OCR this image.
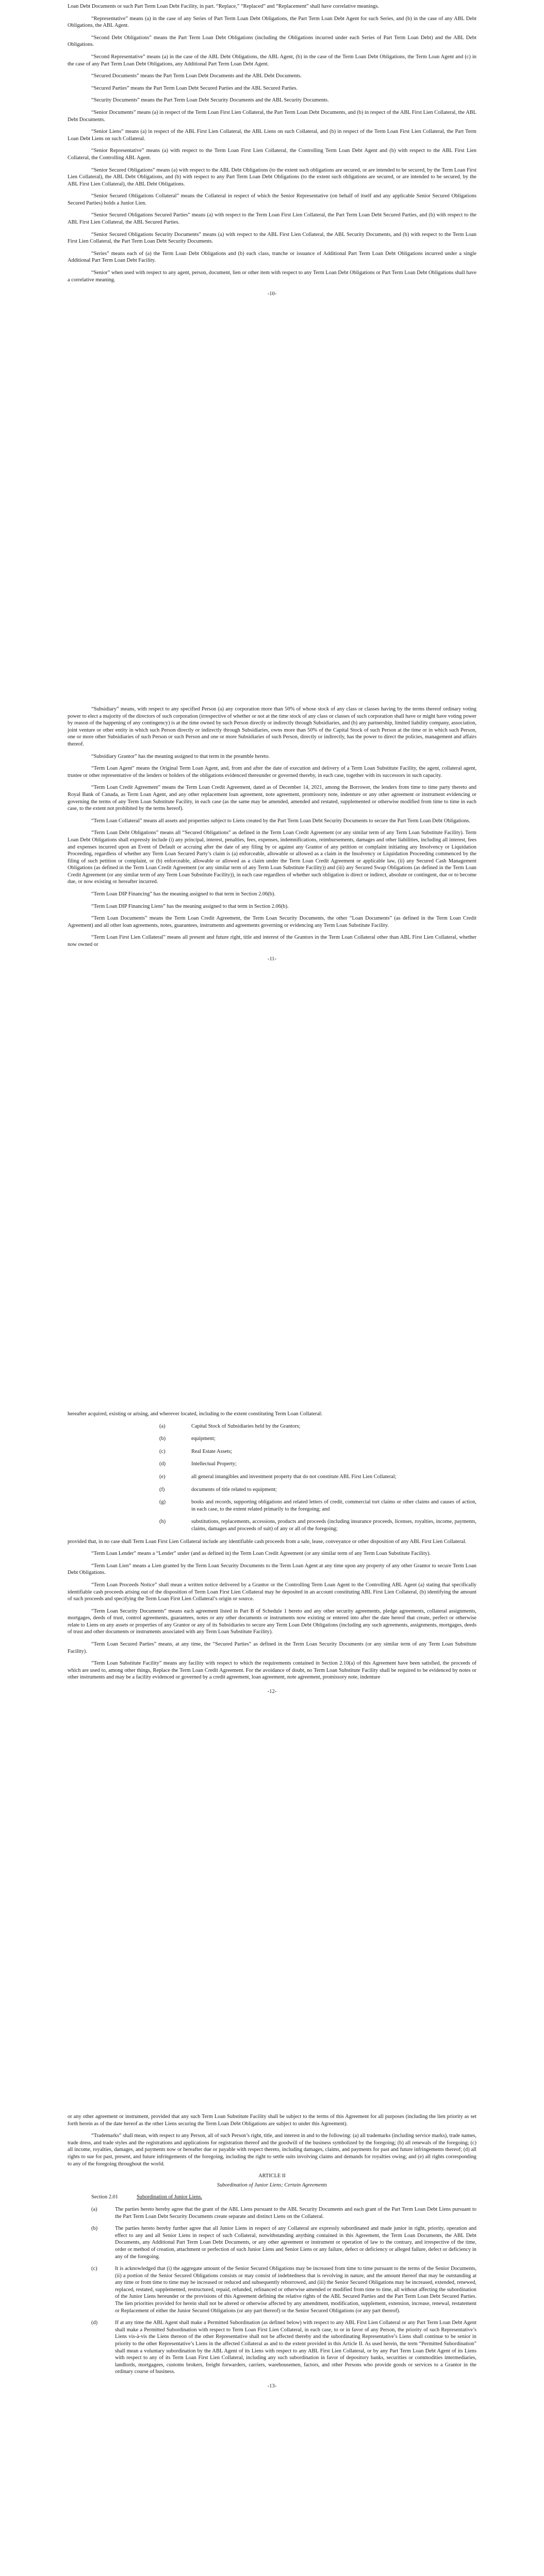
Loan Debt Documents or such Part Term Loan Debt Facility, in part. “Replace,” “Replaced” and “Replacement” shall have correlative meanings.

“Representative” means (a) in the case of any Series of Part Term Loan Debt Obligations, the Part Term Loan Debt Agent for such Series, and (b) in the case of any ABL Debt Obligations, the ABL Agent.

“Second Debt Obligations” means the Part Term Loan Debt Obligations (including the Obligations incurred under each Series of Part Term Loan Debt) and the ABL Debt Obligations.

“Second Representative” means (a) in the case of the ABL Debt Obligations, the ABL Agent, (b) in the case of the Term Loan Debt Obligations, the Term Loan Agent and (c) in the case of any Part Term Loan Debt Obligations, any Additional Part Term Loan Debt Agent.

“Secured Documents” means the Part Term Loan Debt Documents and the ABL Debt Documents.

“Secured Parties” means the Part Term Loan Debt Secured Parties and the ABL Secured Parties.

“Security Documents” means the Part Term Loan Debt Security Documents and the ABL Security Documents.

“Senior Documents” means (a) in respect of the Term Loan First Lien Collateral, the Part Term Loan Debt Documents, and (b) in respect of the ABL First Lien Collateral, the ABL Debt Documents.

“Senior Liens” means (a) in respect of the ABL First Lien Collateral, the ABL Liens on such Collateral, and (b) in respect of the Term Loan First Lien Collateral, the Part Term Loan Debt Liens on such Collateral.

“Senior Representative” means (a) with respect to the Term Loan First Lien Collateral, the Controlling Term Loan Debt Agent and (b) with respect to the ABL First Lien Collateral, the Controlling ABL Agent.

“Senior Secured Obligations” means (a) with respect to the ABL Debt Obligations (to the extent such obligations are secured, or are intended to be secured, by the Term Loan First Lien Collateral), the ABL Debt Obligations, and (b) with respect to any Part Term Loan Debt Obligations (to the extent such obligations are secured, or are intended to be secured, by the ABL First Lien Collateral), the ABL Debt Obligations.

“Senior Secured Obligations Collateral” means the Collateral in respect of which the Senior Representative (on behalf of itself and any applicable Senior Secured Obligations Secured Parties) holds a Junior Lien.

“Senior Secured Obligations Secured Parties” means (a) with respect to the Term Loan First Lien Collateral, the Part Term Loan Debt Secured Parties, and (b) with respect to the ABL First Lien Collateral, the ABL Secured Parties.

“Senior Secured Obligations Security Documents” means (a) with respect to the ABL First Lien Collateral, the ABL Security Documents, and (b) with respect to the Term Loan First Lien Collateral, the Part Term Loan Debt Security Documents.

“Series” means each of (a) the Term Loan Debt Obligations and (b) each class, tranche or issuance of Additional Part Term Loan Debt Obligations incurred under a single Additional Part Term Loan Debt Facility.

“Senior” when used with respect to any agent, person, document, lien or other item with respect to any Term Loan Debt Obligations or Part Term Loan Debt Obligations shall have a correlative meaning.

-10-

“Subsidiary” means, with respect to any specified Person (a) any corporation more than 50% of whose stock of any class or classes having by the terms thereof ordinary voting power to elect a majority of the directors of such corporation (irrespective of whether or not at the time stock of any class or classes of such corporation shall have or might have voting power by reason of the happening of any contingency) is at the time owned by such Person directly or indirectly through Subsidiaries, and (b) any partnership, limited liability company, association, joint venture or other entity in which such Person directly or indirectly through Subsidiaries, owns more than 50% of the Capital Stock of such Person at the time or in which such Person, one or more other Subsidiaries of such Person or such Person and one or more Subsidiaries of such Person, directly or indirectly, has the power to direct the policies, management and affairs thereof.

“Subsidiary Grantor” has the meaning assigned to that term in the preamble hereto.

“Term Loan Agent” means the Original Term Loan Agent, and, from and after the date of execution and delivery of a Term Loan Substitute Facility, the agent, collateral agent, trustee or other representative of the lenders or holders of the obligations evidenced thereunder or governed thereby, in each case, together with its successors in such capacity.

“Term Loan Credit Agreement” means the Term Loan Credit Agreement, dated as of December 14, 2021, among the Borrower, the lenders from time to time party thereto and Royal Bank of Canada, as Term Loan Agent, and any other replacement loan agreement, note agreement, promissory note, indenture or any other agreement or instrument evidencing or governing the terms of any Term Loan Substitute Facility, in each case (as the same may be amended, amended and restated, supplemented or otherwise modified from time to time in each case, to the extent not prohibited by the terms hereof).

“Term Loan Collateral” means all assets and properties subject to Liens created by the Part Term Loan Debt Security Documents to secure the Part Term Loan Debt Obligations.

“Term Loan Debt Obligations” means all “Secured Obligations” as defined in the Term Loan Credit Agreement (or any similar term of any Term Loan Substitute Facility). Term Loan Debt Obligations shall expressly include (i) any principal, interest, penalties, fees, expenses, indemnifications, reimbursements, damages and other liabilities, including all interest, fees and expenses incurred upon an Event of Default or accruing after the date of any filing by or against any Grantor of any petition or complaint initiating any Insolvency or Liquidation Proceeding, regardless of whether any Term Loan Secured Party’s claim is (a) enforceable, allowable or allowed as a claim in the Insolvency or Liquidation Proceeding commenced by the filing of such petition or complaint, or (b) enforceable, allowable or allowed as a claim under the Term Loan Credit Agreement or applicable law, (ii) any Secured Cash Management Obligations (as defined in the Term Loan Credit Agreement (or any similar term of any Term Loan Substitute Facility)) and (iii) any Secured Swap Obligations (as defined in the Term Loan Credit Agreement (or any similar term of any Term Loan Substitute Facility)), in each case regardless of whether such obligation is direct or indirect, absolute or contingent, due or to become due, or now existing or hereafter incurred.

“Term Loan DIP Financing” has the meaning assigned to that term in Section 2.06(b).

“Term Loan DIP Financing Liens” has the meaning assigned to that term in Section 2.06(b).

“Term Loan Documents” means the Term Loan Credit Agreement, the Term Loan Security Documents, the other “Loan Documents” (as defined in the Term Loan Credit Agreement) and all other loan agreements, notes, guarantees, instruments and agreements governing or evidencing any Term Loan Substitute Facility.

“Term Loan First Lien Collateral” means all present and future right, title and interest of the Grantors in the Term Loan Collateral other than ABL First Lien Collateral, whether now owned or

-11-

hereafter acquired, existing or arising, and wherever located, including to the extent constituting Term Loan Collateral:

(a)	Capital Stock of Subsidiaries held by the Grantors;
(b)	equipment;
(c)	Real Estate Assets;
(d)	Intellectual Property;
(e)	all general intangibles and investment property that do not constitute ABL First Lien Collateral;
(f)	documents of title related to equipment;
(g)	books and records, supporting obligations and related letters of credit, commercial tort claims or other claims and causes of action, in each case, to the extent related primarily to the foregoing; and
(h)	substitutions, replacements, accessions, products and proceeds (including insurance proceeds, licenses, royalties, income, payments, claims, damages and proceeds of suit) of any or all of the foregoing;

provided that, in no case shall Term Loan First Lien Collateral include any identifiable cash proceeds from a sale, lease, conveyance or other disposition of any ABL First Lien Collateral.

“Term Loan Lender” means a “Lender” under (and as defined in) the Term Loan Credit Agreement (or any similar term of any Term Loan Substitute Facility).

“Term Loan Lien” means a Lien granted by the Term Loan Security Documents to the Term Loan Agent at any time upon any property of any other Grantor to secure Term Loan Debt Obligations.

“Term Loan Proceeds Notice” shall mean a written notice delivered by a Grantor or the Controlling Term Loan Agent to the Controlling ABL Agent (a) stating that specifically identifiable cash proceeds arising out of the disposition of Term Loan First Lien Collateral may be deposited in an account constituting ABL First Lien Collateral, (b) identifying the amount of such proceeds and specifying the Term Loan First Lien Collateral’s origin or source.

“Term Loan Security Documents” means each agreement listed in Part B of Schedule 1 hereto and any other security agreements, pledge agreements, collateral assignments, mortgages, deeds of trust, control agreements, guarantees, notes or any other documents or instruments now existing or entered into after the date hereof that create, perfect or otherwise relate to Liens on any assets or properties of any Grantor or any of its Subsidiaries to secure any Term Loan Debt Obligations (including any such agreements, assignments, mortgages, deeds of trust and other documents or instruments associated with any Term Loan Substitute Facility).

“Term Loan Secured Parties” means, at any time, the “Secured Parties” as defined in the Term Loan Security Documents (or any similar term of any Term Loan Substitute Facility).

“Term Loan Substitute Facility” means any facility with respect to which the requirements contained in Section 2.10(a) of this Agreement have been satisfied, the proceeds of which are used to, among other things, Replace the Term Loan Credit Agreement. For the avoidance of doubt, no Term Loan Substitute Facility shall be required to be evidenced by notes or other instruments and may be a facility evidenced or governed by a credit agreement, loan agreement, note agreement, promissory note, indenture

-12-

or any other agreement or instrument, provided that any such Term Loan Substitute Facility shall be subject to the terms of this Agreement for all purposes (including the lien priority as set forth herein as of the date hereof as the other Liens securing the Term Loan Debt Obligations are subject to under this Agreement).

“Trademarks” shall mean, with respect to any Person, all of such Person’s right, title, and interest in and to the following: (a) all trademarks (including service marks), trade names, trade dress, and trade styles and the registrations and applications for registration thereof and the goodwill of the business symbolized by the foregoing; (b) all renewals of the foregoing; (c) all income, royalties, damages, and payments now or hereafter due or payable with respect thereto, including damages, claims, and payments for past and future infringements thereof; (d) all rights to sue for past, present, and future infringements of the foregoing, including the right to settle suits involving claims and demands for royalties owing; and (e) all rights corresponding to any of the foregoing throughout the world.

ARTICLE II
Subordination of Junior Liens; Certain Agreements
Section 2.01	Subordination of Junior Liens.
(a)	The parties hereto hereby agree that the grant of the ABL Liens pursuant to the ABL Security Documents and each grant of the Part Term Loan Debt Liens pursuant to the Part Term Loan Debt Security Documents create separate and distinct Liens on the Collateral.
(b)	The parties hereto hereby further agree that all Junior Liens in respect of any Collateral are expressly subordinated and made junior in right, priority, operation and effect to any and all Senior Liens in respect of such Collateral, notwithstanding anything contained in this Agreement, the Term Loan Documents, the ABL Debt Documents, any Additional Part Term Loan Debt Documents, or any other agreement or instrument or operation of law to the contrary, and irrespective of the time, order or method of creation, attachment or perfection of such Junior Liens and Senior Liens or any failure, defect or deficiency or alleged failure, defect or deficiency in any of the foregoing.
(c)	It is acknowledged that (i) the aggregate amount of the Senior Secured Obligations may be increased from time to time pursuant to the terms of the Senior Documents, (ii) a portion of the Senior Secured Obligations consists or may consist of indebtedness that is revolving in nature, and the amount thereof that may be outstanding at any time or from time to time may be increased or reduced and subsequently reborrowed, and (iii) the Senior Secured Obligations may be increased, extended, renewed, replaced, restated, supplemented, restructured, repaid, refunded, refinanced or otherwise amended or modified from time to time, all without affecting the subordination of the Junior Liens hereunder or the provisions of this Agreement defining the relative rights of the ABL Secured Parties and the Part Term Loan Debt Secured Parties. The lien priorities provided for herein shall not be altered or otherwise affected by any amendment, modification, supplement, extension, increase, renewal, restatement or Replacement of either the Junior Secured Obligations (or any part thereof) or the Senior Secured Obligations (or any part thereof).
(d)	If at any time the ABL Agent shall make a Permitted Subordination (as defined below) with respect to any ABL First Lien Collateral or any Part Term Loan Debt Agent shall make a Permitted Subordination with respect to Term Loan First Lien Collateral, in each case, to or in favor of any Person, the priority of such Representative’s Liens vis-à-vis the Liens thereon of the other Representative shall not be affected thereby and the subordinating Representative’s Liens shall continue to be senior in priority to the other Representative’s Liens in the affected Collateral as and to the extent provided in this Article II. As used herein, the term “Permitted Subordination” shall mean a voluntary subordination by the ABL Agent of its Liens with respect to any ABL First Lien Collateral, or by any Part Term Loan Debt Agent of its Liens with respect to any of its Term Loan First Lien Collateral, including any such subordination in favor of depository banks, securities or commodities intermediaries, landlords, mortgagees, customs brokers, freight forwarders, carriers, warehousemen, factors, and other Persons who provide goods or services to a Grantor in the ordinary course of business.
-13-
